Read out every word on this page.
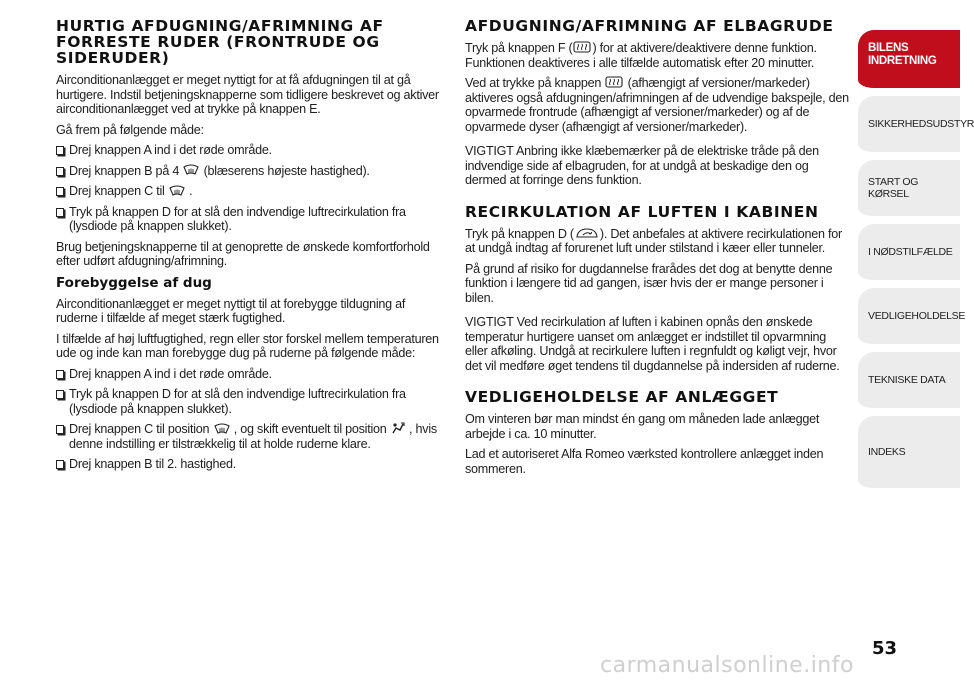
HURTIG AFDUGNING/AFRIMNING AF FORRESTE RUDER (FRONTRUDE OG SIDERUDER)

Airconditionanlægget er meget nyttigt for at få afdugningen til at gå hurtigere. Indstil betjeningsknapperne som tidligere beskrevet og aktiver airconditionanlægget ved at trykke på knappen E.

Gå frem på følgende måde:

Drej knappen A ind i det røde område.

Drej knappen B på 4 (blæserens højeste hastighed).

Drej knappen C til .

Tryk på knappen D for at slå den indvendige luftrecirkulation fra (lysdiode på knappen slukket).

Brug betjeningsknapperne til at genoprette de ønskede komfortforhold efter udført afdugning/afrimning.

Forebyggelse af dug

Airconditionanlægget er meget nyttigt til at forebygge tildugning af ruderne i tilfælde af meget stærk fugtighed.

I tilfælde af høj luftfugtighed, regn eller stor forskel mellem temperaturen ude og inde kan man forebygge dug på ruderne på følgende måde:

Drej knappen A ind i det røde område.

Tryk på knappen D for at slå den indvendige luftrecirkulation fra (lysdiode på knappen slukket).

Drej knappen C til position , og skift eventuelt til position , hvis denne indstilling er tilstrækkelig til at holde ruderne klare.

Drej knappen B til 2. hastighed.

AFDUGNING/AFRIMNING AF ELBAGRUDE

Tryk på knappen F ( ) for at aktivere/deaktivere denne funktion. Funktionen deaktiveres i alle tilfælde automatisk efter 20 minutter.

Ved at trykke på knappen (afhængigt af versioner/markeder) aktiveres også afdugningen/afrimningen af de udvendige bakspejle, den opvarmede frontrude (afhængigt af versioner/markeder) og af de opvarmede dyser (afhængigt af versioner/markeder).

VIGTIGT Anbring ikke klæbemærker på de elektriske tråde på den indvendige side af elbagruden, for at undgå at beskadige den og dermed at forringe dens funktion.

RECIRKULATION AF LUFTEN I KABINEN

Tryk på knappen D ( ). Det anbefales at aktivere recirkulationen for at undgå indtag af forurenet luft under stilstand i kæer eller tunneler.

På grund af risiko for dugdannelse frarådes det dog at benytte denne funktion i længere tid ad gangen, især hvis der er mange personer i bilen.

VIGTIGT Ved recirkulation af luften i kabinen opnås den ønskede temperatur hurtigere uanset om anlægget er indstillet til opvarmning eller afkøling. Undgå at recirkulere luften i regnfuldt og køligt vejr, hvor det vil medføre øget tendens til dugdannelse på indersiden af ruderne.

VEDLIGEHOLDELSE AF ANLÆGGET

Om vinteren bør man mindst én gang om måneden lade anlægget arbejde i ca. 10 minutter.

Lad et autoriseret Alfa Romeo værksted kontrollere anlægget inden sommeren.

BILENS INDRETNING
SIKKERHEDSUDSTYR
START OG KØRSEL
I NØDSTILFÆLDE
VEDLIGEHOLDELSE
TEKNISKE DATA
INDEKS
53
carmanualsonline.info
